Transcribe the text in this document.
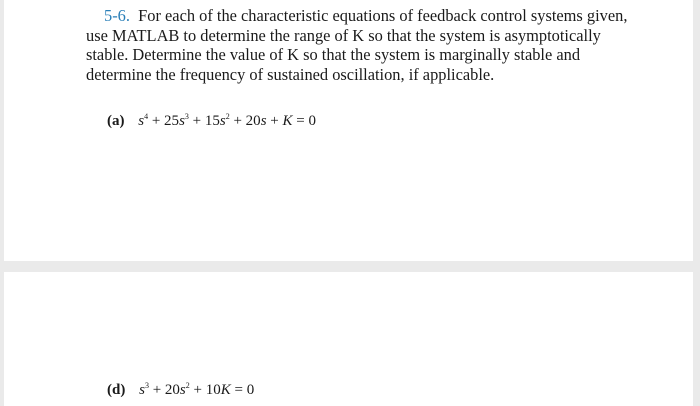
5-6. For each of the characteristic equations of feedback control systems given, use MATLAB to determine the range of K so that the system is asymptotically stable. Determine the value of K so that the system is marginally stable and determine the frequency of sustained oscillation, if applicable.

(a) $s^4 + 25s^3 + 15s^2 + 20s + K = 0$
(d) $s^3 + 20s^2 + 10K = 0$
